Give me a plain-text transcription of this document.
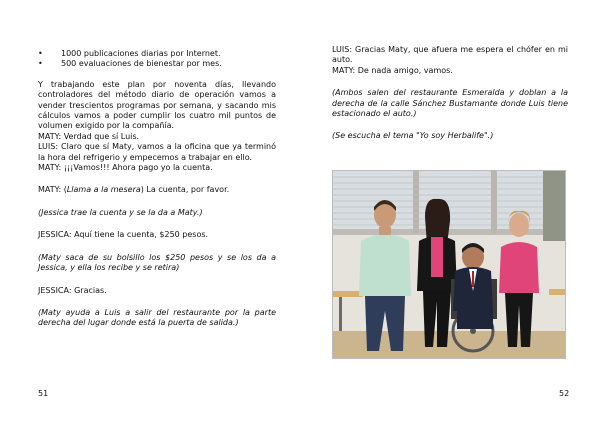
•	1000 publicaciones diarias por Internet.
•	500 evaluaciones de bienestar por mes.
Y trabajando este plan por noventa días, llevando controladores del método diario de operación vamos a vender trescientos programas por semana, y sacando mis cálculos vamos a poder cumplir los cuatro mil puntos de volumen exigido por la compañía.
MATY: Verdad que sí Luis.
LUIS: Claro que sí Maty, vamos a la oficina que ya terminó la hora del refrigerio y empecemos a trabajar en ello.
MATY: ¡¡¡Vamos!!! Ahora pago yo la cuenta.
MATY: (Llama a la mesera) La cuenta, por favor.
(Jessica trae la cuenta y se la da a Maty.)
JESSICA: Aquí tiene la cuenta, $250 pesos.
(Maty saca de su bolsillo los $250 pesos y se los da a Jessica, y ella los recibe y se retira)
JESSICA: Gracias.
(Maty ayuda a Luis a salir del restaurante por la parte derecha del lugar donde está la puerta de salida.)
51
LUIS: Gracias Maty, que afuera me espera el chófer en mi auto.
MATY: De nada amigo, vamos.
(Ambos salen del restaurante Esmeralda y doblan a la derecha de la calle Sánchez Bustamante donde Luis tiene estacionado el auto.)
(Se escucha el tema "Yo soy Herbalife".)
52
